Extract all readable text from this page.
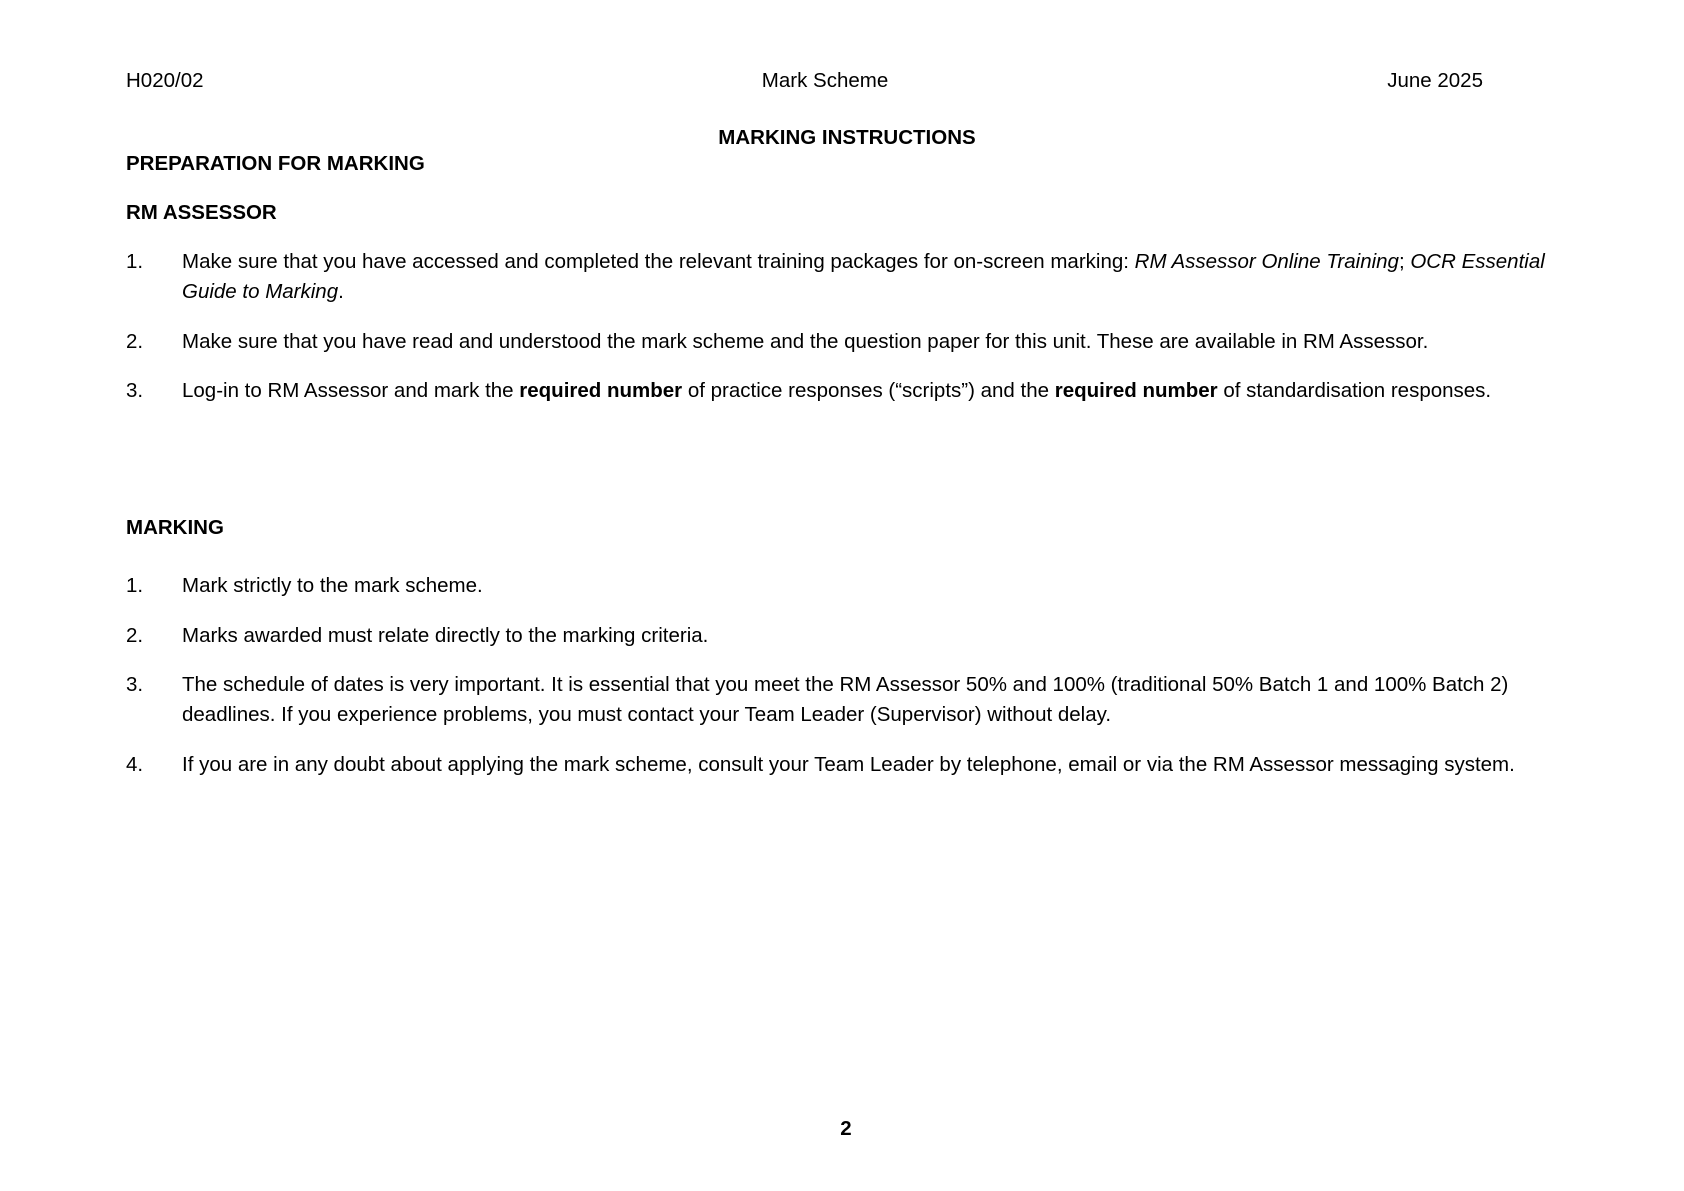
H020/02	Mark Scheme	June 2025
MARKING INSTRUCTIONS
PREPARATION FOR MARKING
RM ASSESSOR
1. Make sure that you have accessed and completed the relevant training packages for on-screen marking: RM Assessor Online Training; OCR Essential Guide to Marking.
2. Make sure that you have read and understood the mark scheme and the question paper for this unit. These are available in RM Assessor.
3. Log-in to RM Assessor and mark the required number of practice responses (“scripts”) and the required number of standardisation responses.
MARKING
1. Mark strictly to the mark scheme.
2. Marks awarded must relate directly to the marking criteria.
3. The schedule of dates is very important. It is essential that you meet the RM Assessor 50% and 100% (traditional 50% Batch 1 and 100% Batch 2) deadlines. If you experience problems, you must contact your Team Leader (Supervisor) without delay.
4. If you are in any doubt about applying the mark scheme, consult your Team Leader by telephone, email or via the RM Assessor messaging system.
2
